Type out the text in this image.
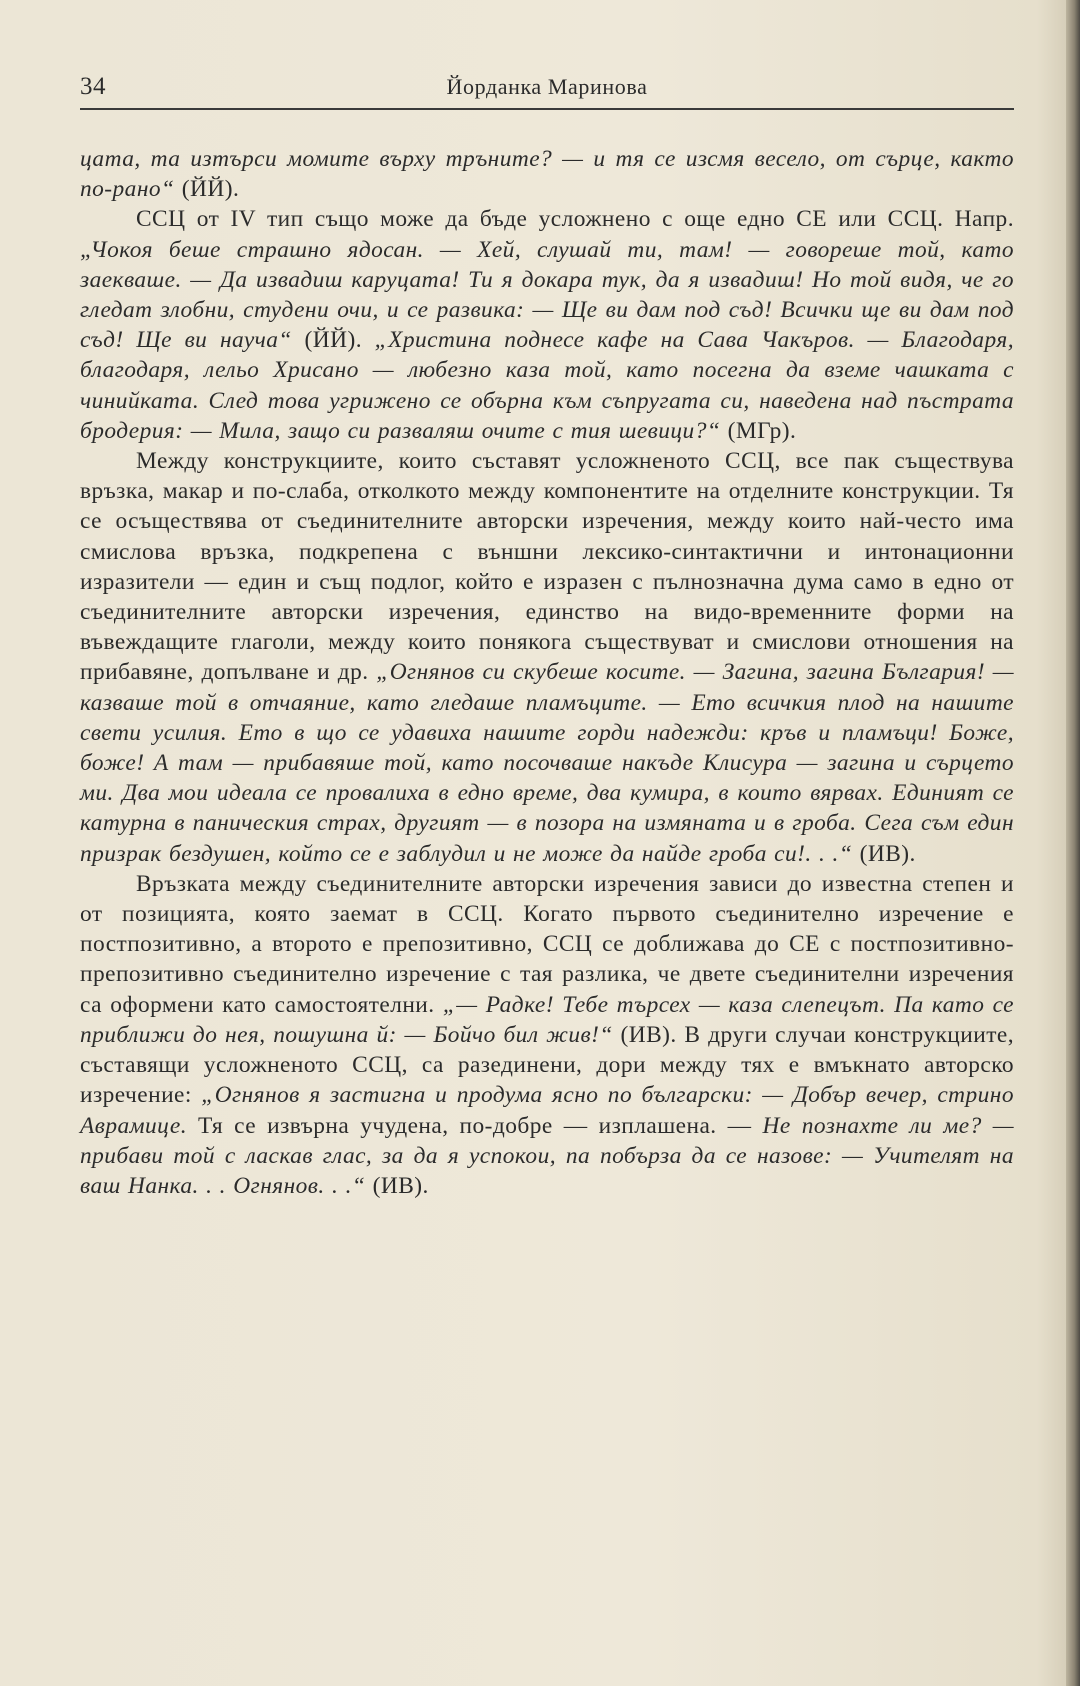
34	Йорданка Маринова

цата, та изтърси момите върху тръните? — и тя се изсмя весело, от сърце, както по-рано“ (ЙЙ).

ССЦ от IV тип също може да бъде усложнено с още едно СЕ или ССЦ. Напр. „Чокоя беше страшно ядосан. — Хей, слушай ти, там! — говореше той, като заекваше. — Да извадиш каруцата! Ти я докара тук, да я извадиш! Но той видя, че го гледат злобни, студени очи, и се развика: — Ще ви дам под съд! Всички ще ви дам под съд! Ще ви науча“ (ЙЙ). „Христина поднесе кафе на Сава Чакъров. — Благодаря, благодаря, лельо Хрисано — любезно каза той, като посегна да вземе чашката с чинийката. След това угрижено се обърна към съпругата си, наведена над пъстрата бродерия: — Мила, защо си разваляш очите с тия шевици?“ (МГр).

Между конструкциите, които съставят усложненото ССЦ, все пак съществува връзка, макар и по-слаба, отколкото между компонентите на отделните конструкции. Тя се осъществява от съединителните авторски изречения, между които най-често има смислова връзка, подкрепена с външни лексико-синтактични и интонационни изразители — един и същ подлог, който е изразен с пълнозначна дума само в едно от съединителните авторски изречения, единство на видо-временните форми на въвеждащите глаголи, между които понякога съществуват и смислови отношения на прибавяне, допълване и др. „Огнянов си скубеше косите. — Загина, загина България! — казваше той в отчаяние, като гледаше пламъците. — Ето всичкия плод на нашите свети усилия. Ето в що се удавиха нашите горди надежди: кръв и пламъци! Боже, боже! А там — прибавяше той, като посочваше накъде Клисура — загина и сърцето ми. Два мои идеала се провалиха в едно време, два кумира, в които вярвах. Единият се катурна в паническия страх, другият — в позора на измяната и в гроба. Сега съм един призрак бездушен, който се е заблудил и не може да найде гроба си!. . .“ (ИВ).

Връзката между съединителните авторски изречения зависи до известна степен и от позицията, която заемат в ССЦ. Когато първото съединително изречение е постпозитивно, а второто е препозитивно, ССЦ се доближава до СЕ с постпозитивно-препозитивно съединително изречение с тая разлика, че двете съединителни изречения са оформени като самостоятелни. „— Радке! Тебе търсех — каза слепецът. Па като се приближи до нея, пошушна й: — Бойчо бил жив!“ (ИВ). В други случаи конструкциите, съставящи усложненото ССЦ, са разединени, дори между тях е вмъкнато авторско изречение: „Огнянов я застигна и продума ясно по български: — Добър вечер, стрино Аврамице. Тя се извърна учудена, по-добре — изплашена. — Не познахте ли ме? — прибави той с ласкав глас, за да я успокои, па побърза да се назове: — Учителят на ваш Нанка. . . Огнянов. . .“ (ИВ).
